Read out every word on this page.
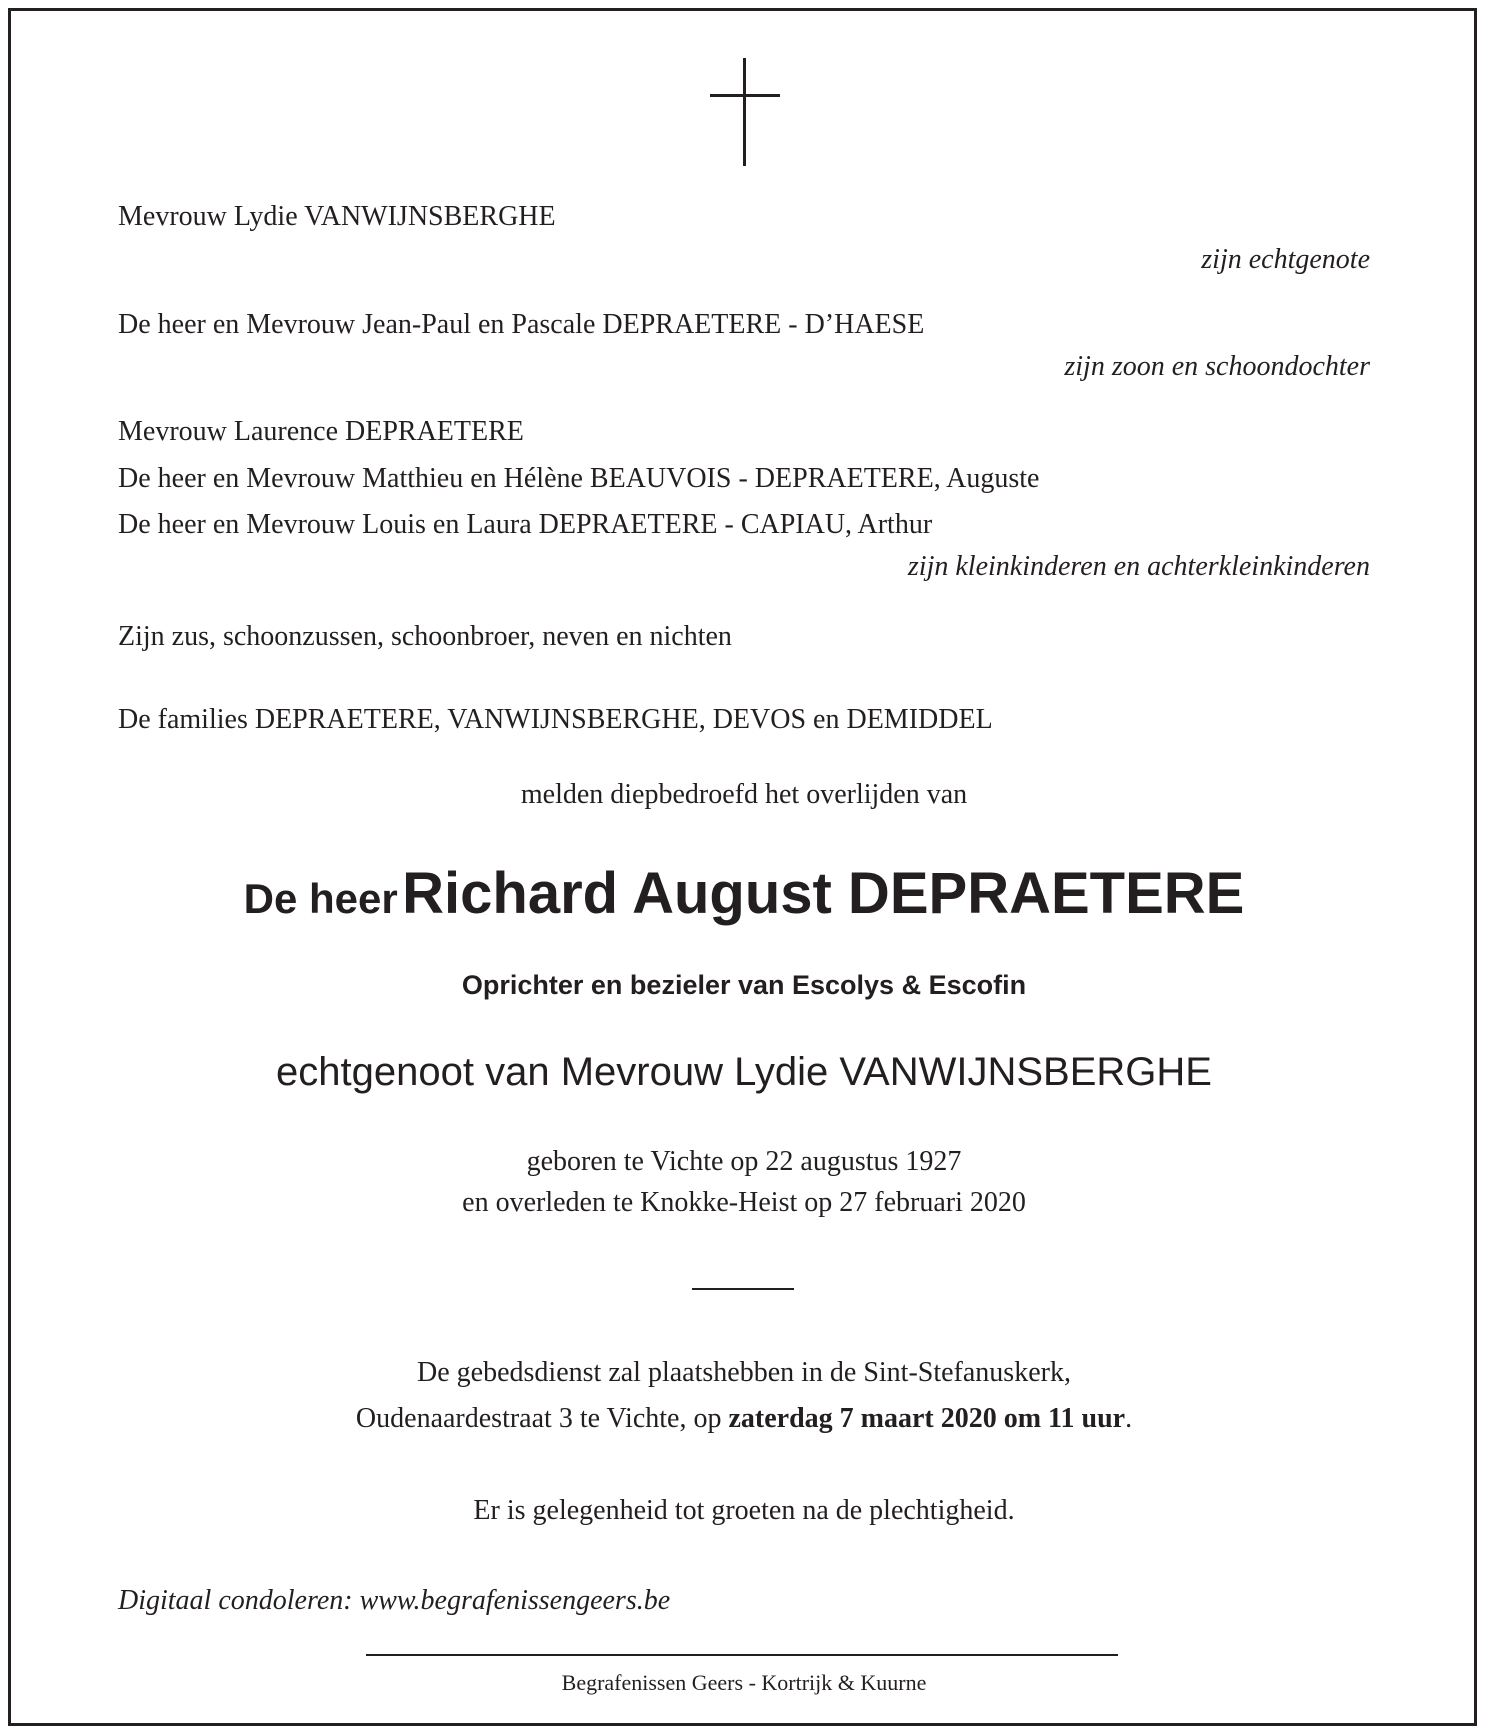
Mevrouw Lydie VANWIJNSBERGHE
zijn echtgenote
De heer en Mevrouw Jean-Paul en Pascale DEPRAETERE - D’HAESE
zijn zoon en schoondochter
Mevrouw Laurence DEPRAETERE
De heer en Mevrouw Matthieu en Hélène BEAUVOIS - DEPRAETERE, Auguste
De heer en Mevrouw Louis en Laura DEPRAETERE - CAPIAU, Arthur
zijn kleinkinderen en achterkleinkinderen
Zijn zus, schoonzussen, schoonbroer, neven en nichten
De families DEPRAETERE, VANWIJNSBERGHE, DEVOS en DEMIDDEL
melden diepbedroefd het overlijden van
De heer Richard August DEPRAETERE
Oprichter en bezieler van Escolys & Escofin
echtgenoot van Mevrouw Lydie VANWIJNSBERGHE
geboren te Vichte op 22 augustus 1927
en overleden te Knokke-Heist op 27 februari 2020
De gebedsdienst zal plaatshebben in de Sint-Stefanuskerk,
Oudenaardestraat 3 te Vichte, op zaterdag 7 maart 2020 om 11 uur.
Er is gelegenheid tot groeten na de plechtigheid.
Digitaal condoleren: www.begrafenissengeers.be
Begrafenissen Geers - Kortrijk & Kuurne
